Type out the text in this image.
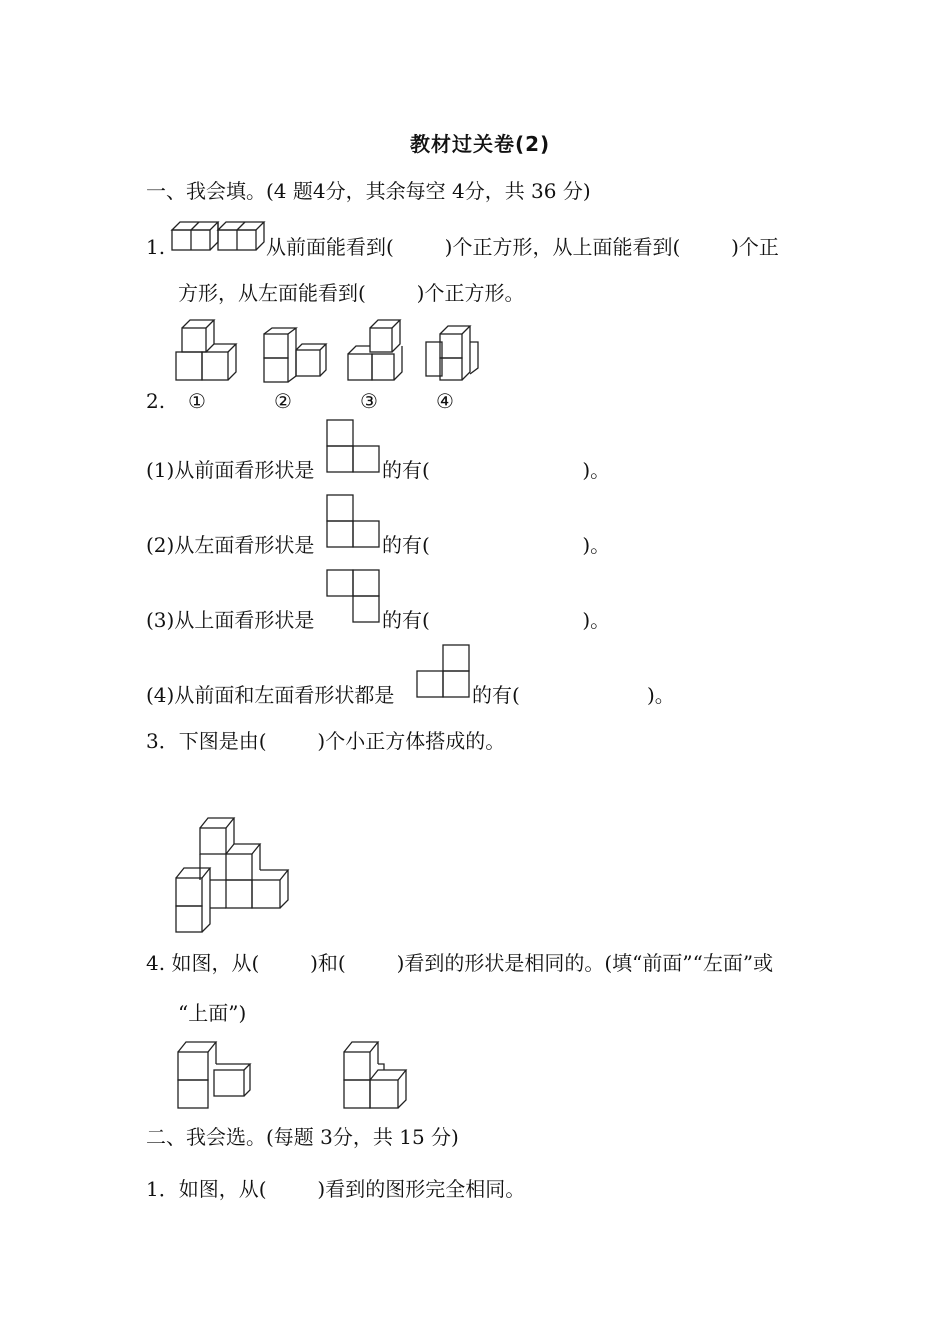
教材过关卷(2)
一、我会填。(4 题4分，其余每空 4分，共 36 分)
1.	从前面能看到(        )个正方形，从上面能看到(        )个正
方形，从左面能看到(        )个正方形。
2. ①	②	③	④
(1)从前面看形状是	的有(                        )。
(2)从左面看形状是	的有(                        )。
(3)从上面看形状是	的有(                        )。
(4)从前面和左面看形状都是	的有(                    )。
3．下图是由(        )个小正方体搭成的。
4. 如图，从(        )和(        )看到的形状是相同的。(填“前面”“左面”或
“上面”)
二、我会选。(每题 3分，共 15 分)
1．如图，从(        )看到的图形完全相同。
